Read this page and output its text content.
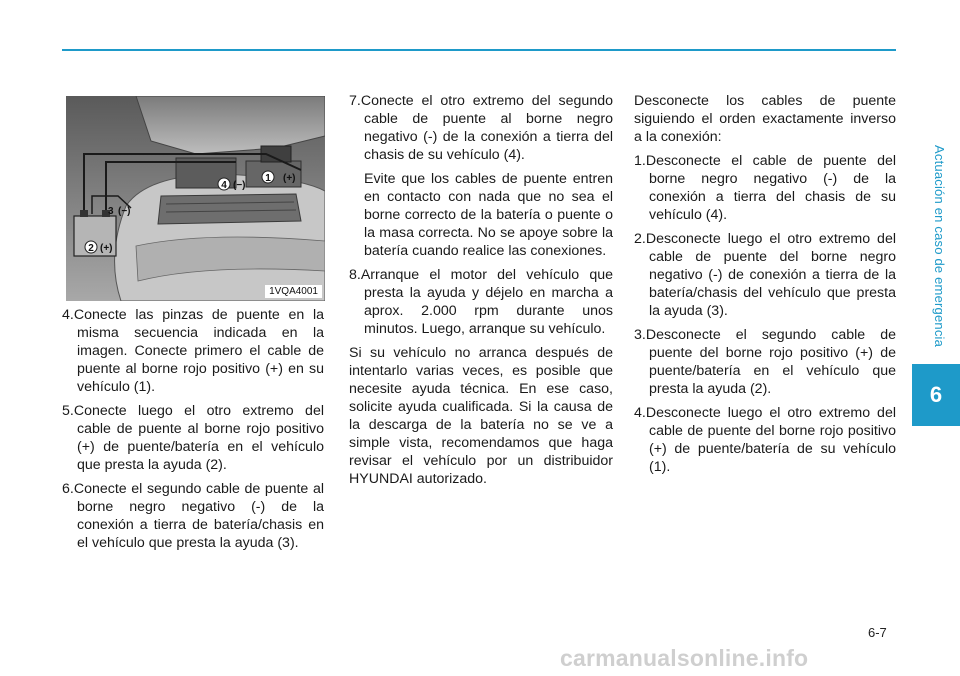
Actuación en caso de emergencia
6
1 (+)
4 (−)
3 (−)
2 (+)
1VQA4001

4.Conecte las pinzas de puente en la misma secuencia indicada en la imagen. Conecte primero el cable de puente al borne rojo positivo (+) en su vehículo (1).

5.Conecte luego el otro extremo del cable de puente al borne rojo positivo (+) de puente/batería en el vehículo que presta la ayuda (2).

6.Conecte el segundo cable de puente al borne negro negativo (-) de la conexión a tierra de batería/chasis en el vehículo que presta la ayuda (3).

7.Conecte el otro extremo del segundo cable de puente al borne negro negativo (-) de la conexión a tierra del chasis de su vehículo (4).

Evite que los cables de puente entren en contacto con nada que no sea el borne correcto de la batería o puente o la masa correcta. No se apoye sobre la batería cuando realice las conexiones.

8.Arranque el motor del vehículo que presta la ayuda y déjelo en marcha a aprox. 2.000 rpm durante unos minutos. Luego, arranque su vehículo.

Si su vehículo no arranca después de intentarlo varias veces, es posible que necesite ayuda técnica. En ese caso, solicite ayuda cualificada. Si la causa de la descarga de la batería no se ve a simple vista, recomendamos que haga revisar el vehículo por un distribuidor HYUNDAI autorizado.

Desconecte los cables de puente siguiendo el orden exactamente inverso a la conexión:

1.Desconecte el cable de puente del borne negro negativo (-) de la conexión a tierra del chasis de su vehículo (4).

2.Desconecte luego el otro extremo del cable de puente del borne negro negativo (-) de conexión a tierra de la batería/chasis del vehículo que presta la ayuda (3).

3.Desconecte el segundo cable de puente del borne rojo positivo (+) de puente/batería en el vehículo que presta la ayuda (2).

4.Desconecte luego el otro extremo del cable de puente del borne rojo positivo (+) de puente/batería de su vehículo (1).

6-7
carmanualsonline.info
